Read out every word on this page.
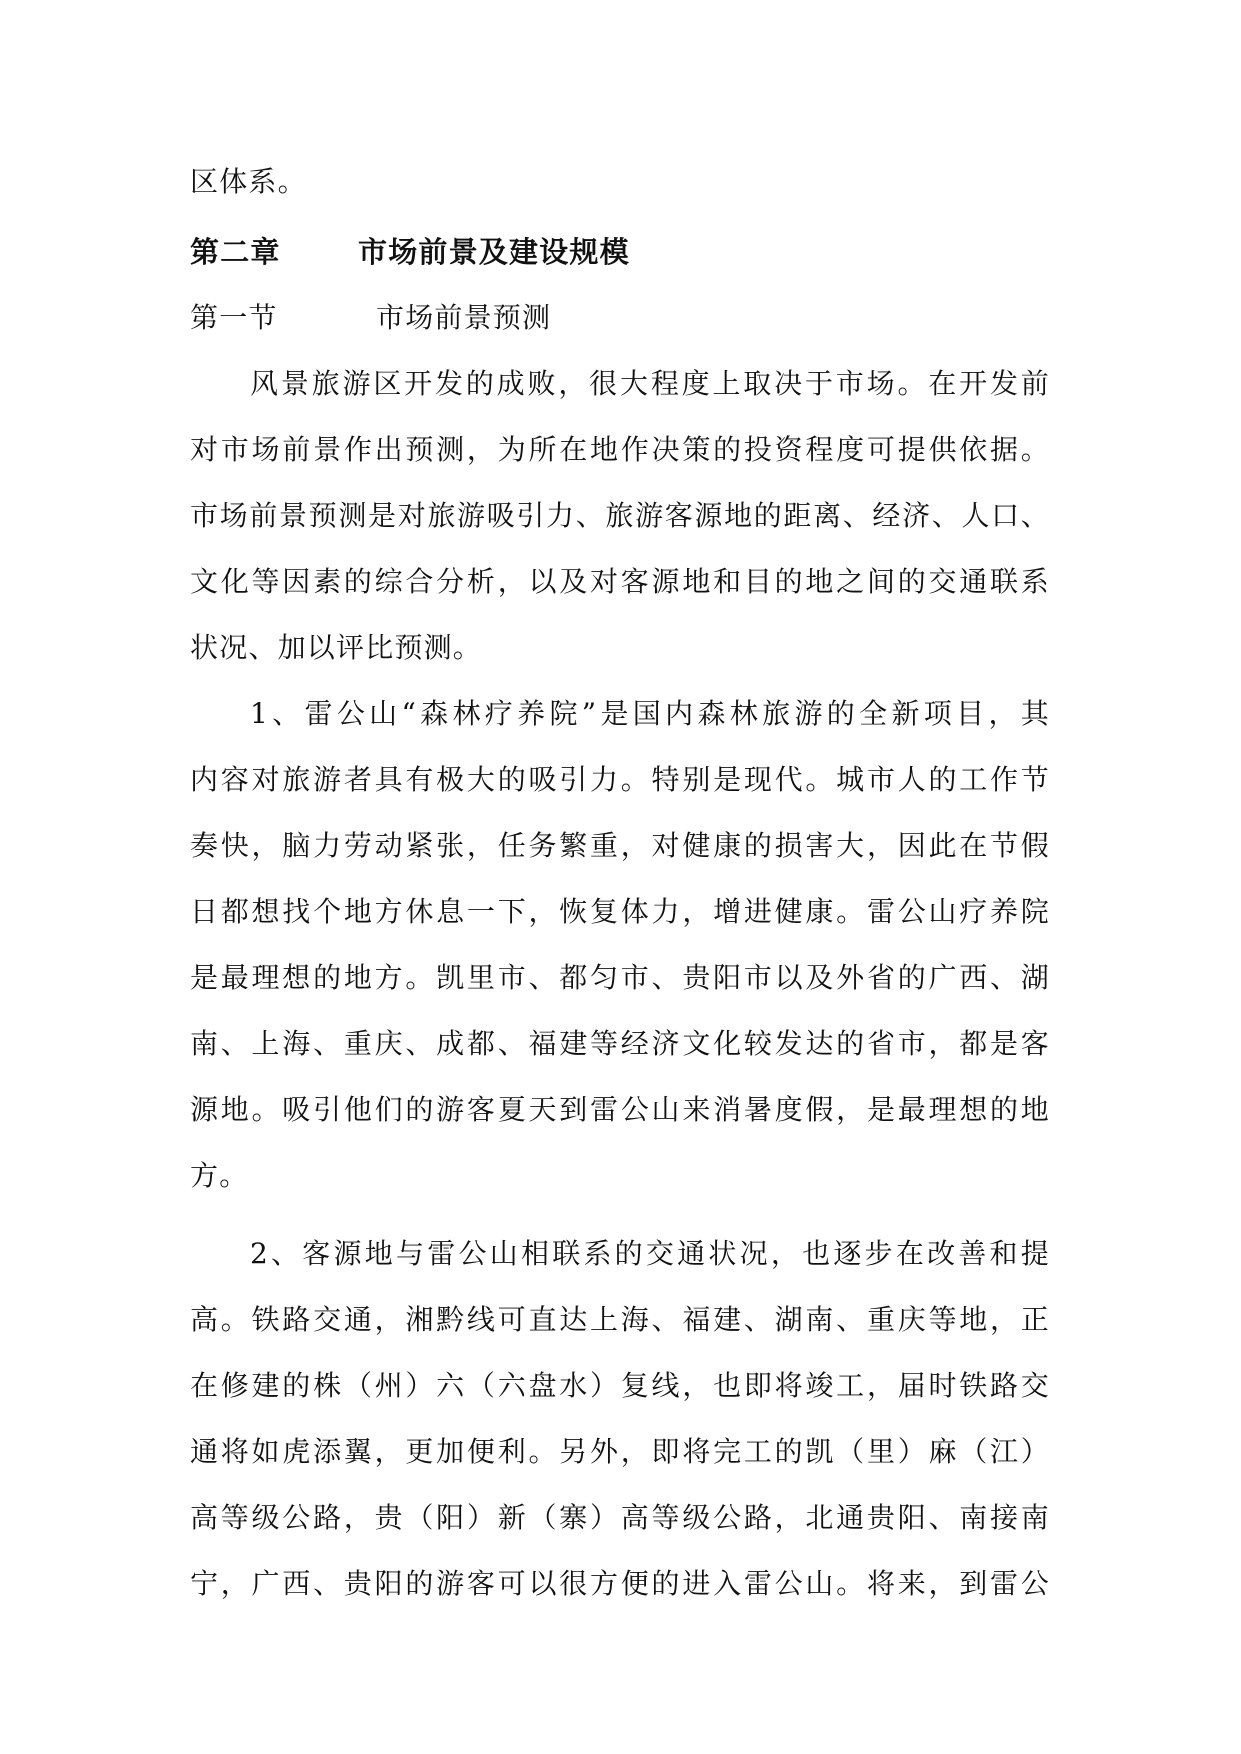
区体系。
第二章	市场前景及建设规模
第一节	市场前景预测
风景旅游区开发的成败，很大程度上取决于市场。在开发前
对市场前景作出预测，为所在地作决策的投资程度可提供依据。
市场前景预测是对旅游吸引力、旅游客源地的距离、经济、人口、
文化等因素的综合分析，以及对客源地和目的地之间的交通联系
状况、加以评比预测。
1、雷公山“森林疗养院”是国内森林旅游的全新项目，其
内容对旅游者具有极大的吸引力。特别是现代。城市人的工作节
奏快，脑力劳动紧张，任务繁重，对健康的损害大，因此在节假
日都想找个地方休息一下，恢复体力，增进健康。雷公山疗养院
是最理想的地方。凯里市、都匀市、贵阳市以及外省的广西、湖
南、上海、重庆、成都、福建等经济文化较发达的省市，都是客
源地。吸引他们的游客夏天到雷公山来消暑度假，是最理想的地
方。
2、客源地与雷公山相联系的交通状况，也逐步在改善和提
高。铁路交通，湘黔线可直达上海、福建、湖南、重庆等地，正
在修建的株（州）六（六盘水）复线，也即将竣工，届时铁路交
通将如虎添翼，更加便利。另外，即将完工的凯（里）麻（江）
高等级公路，贵（阳）新（寨）高等级公路，北通贵阳、南接南
宁，广西、贵阳的游客可以很方便的进入雷公山。将来，到雷公
